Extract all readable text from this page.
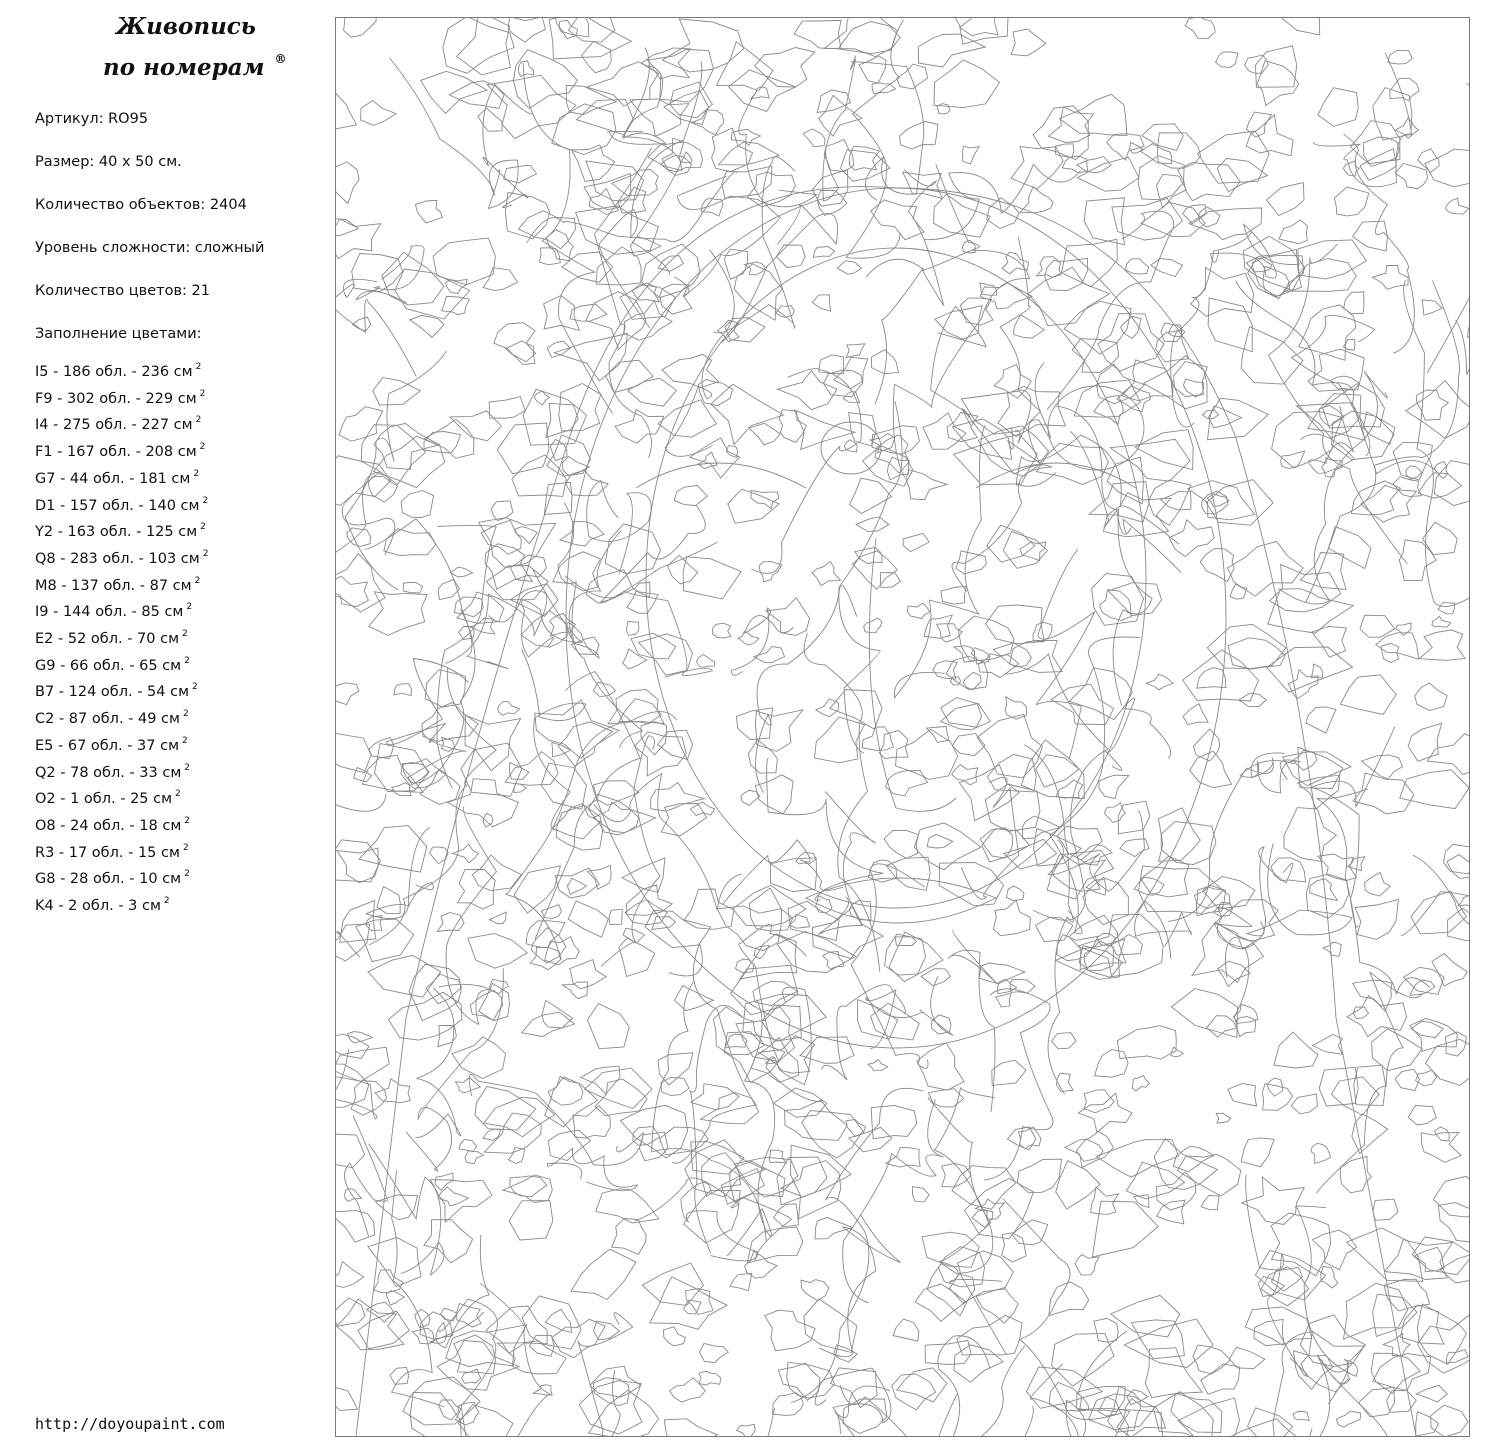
Живопись
по номерам ®
Артикул : RO95
Размер : 40 х 50 см.
Количество объектов : 2404
Уровень сложности : сложный
Количество цветов : 21
Заполнение цветами:
I5 - 186 обл. - 236 см $^2$
F9 - 302 обл. - 229 см $^2$
I4 - 275 обл. - 227 см $^2$
F1 - 167 обл. - 208 см $^2$
G7 - 44 обл. - 181 см $^2$
D1 - 157 обл. - 140 см $^2$
Y2 - 163 обл. - 125 см $^2$
Q8 - 283 обл. - 103 см $^2$
M8 - 137 обл. - 87 см $^2$
I9 - 144 обл. - 85 см $^2$
E2 - 52 обл. - 70 см $^2$
G9 - 66 обл. - 65 см $^2$
B7 - 124 обл. - 54 см $^2$
C2 - 87 обл. - 49 см $^2$
E5 - 67 обл. - 37 см $^2$
Q2 - 78 обл. - 33 см $^2$
O2 - 1 обл. - 25 см $^2$
O8 - 24 обл. - 18 см $^2$
R3 - 17 обл. - 15 см $^2$
G8 - 28 обл. - 10 см $^2$
K4 - 2 обл. - 3 см $^2$
http://doyoupaint.com
